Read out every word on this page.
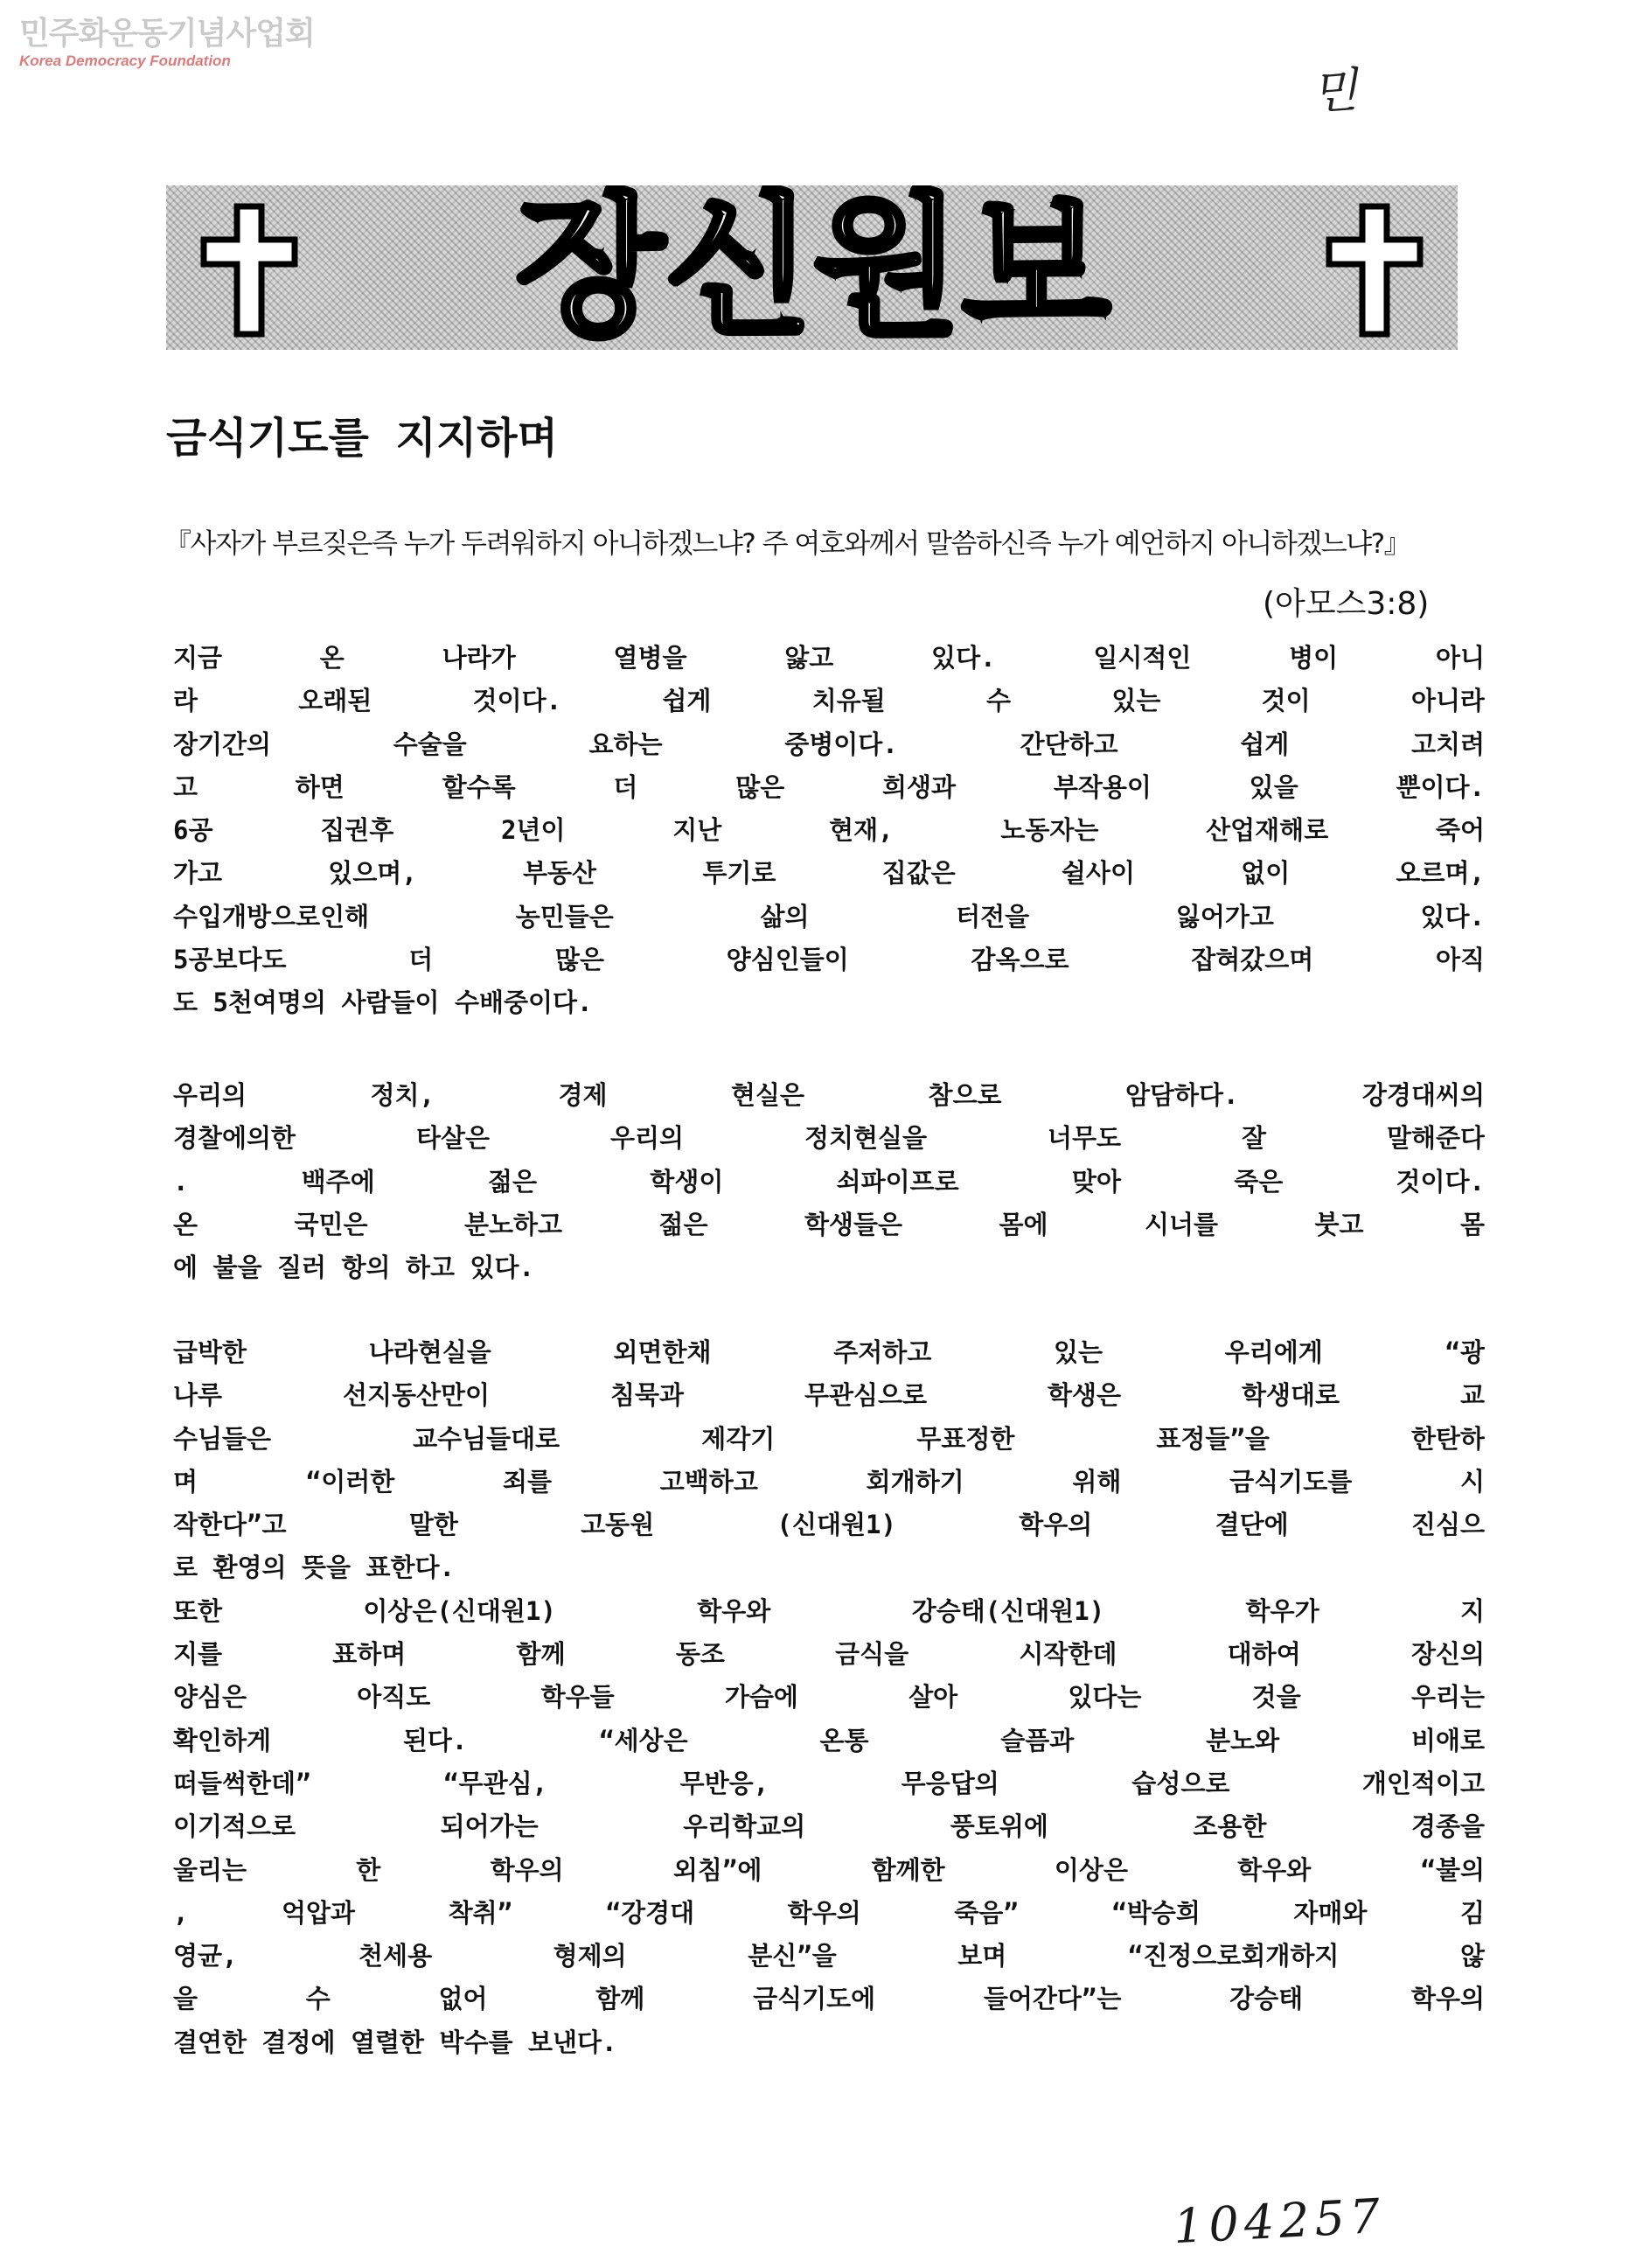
민주화운동기념사업회
Korea Democracy Foundation
민
장신원보
금식기도를 지지하며
『사자가 부르짖은즉 누가 두려워하지 아니하겠느냐? 주 여호와께서 말씀하신즉 누가 예언하지 아니하겠느냐?』
(아모스3:8)
지금 온 나라가 열병을 앓고 있다. 일시적인 병이 아니
라 오래된 것이다. 쉽게 치유될 수 있는 것이 아니라
장기간의 수술을 요하는 중병이다. 간단하고 쉽게 고치려
고 하면 할수록 더 많은 희생과 부작용이 있을 뿐이다.
6공 집권후 2년이 지난 현재, 노동자는 산업재해로 죽어
가고 있으며, 부동산 투기로 집값은 쉴사이 없이 오르며,
수입개방으로인해 농민들은 삶의 터전을 잃어가고 있다.
5공보다도 더 많은 양심인들이 감옥으로 잡혀갔으며 아직
도 5천여명의 사람들이 수배중이다.
우리의 정치, 경제 현실은 참으로 암담하다. 강경대씨의
경찰에의한 타살은 우리의 정치현실을 너무도 잘 말해준다
. 백주에 젊은 학생이 쇠파이프로 맞아 죽은 것이다.
온 국민은 분노하고 젊은 학생들은 몸에 시너를 붓고 몸
에 불을 질러 항의 하고 있다.
급박한 나라현실을 외면한채 주저하고 있는 우리에게 “광
나루 선지동산만이 침묵과 무관심으로 학생은 학생대로 교
수님들은 교수님들대로 제각기 무표정한 표정들”을 한탄하
며 “이러한 죄를 고백하고 회개하기 위해 금식기도를 시
작한다”고 말한 고동원 (신대원1) 학우의 결단에 진심으
로 환영의 뜻을 표한다.
또한 이상은(신대원1) 학우와 강승태(신대원1) 학우가 지
지를 표하며 함께 동조 금식을 시작한데 대하여 장신의
양심은 아직도 학우들 가슴에 살아 있다는 것을 우리는
확인하게 된다. “세상은 온통 슬픔과 분노와 비애로
떠들썩한데” “무관심, 무반응, 무응답의 습성으로 개인적이고
이기적으로 되어가는 우리학교의 풍토위에 조용한 경종을
울리는 한 학우의 외침”에 함께한 이상은 학우와 “불의
, 억압과 착취” “강경대 학우의 죽음” “박승희 자매와 김
영균, 천세용 형제의 분신”을 보며 “진정으로회개하지 않
을 수 없어 함께 금식기도에 들어간다”는 강승태 학우의
결연한 결정에 열렬한 박수를 보낸다.
104257
